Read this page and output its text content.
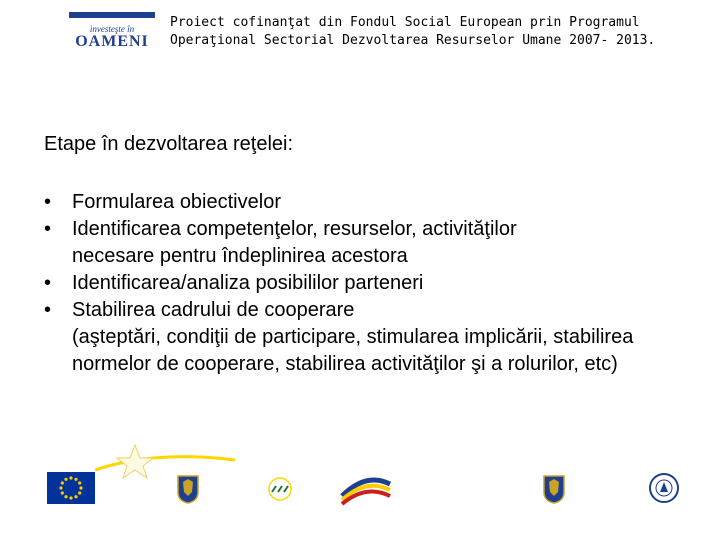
investeşte în
OAMENI
Proiect cofinanţat din Fondul Social European prin Programul
Operaţional Sectorial Dezvoltarea Resurselor Umane 2007- 2013.
Etape în dezvoltarea reţelei:
• Formularea obiectivelor
• Identificarea competenţelor, resurselor, activităţilor
necesare pentru îndeplinirea acestora
• Identificarea/analiza posibililor parteneri
• Stabilirea cadrului de cooperare
(aşteptări, condiţii de participare, stimularea implicării, stabilirea normelor de cooperare, stabilirea activităţilor şi a rolurilor, etc)
